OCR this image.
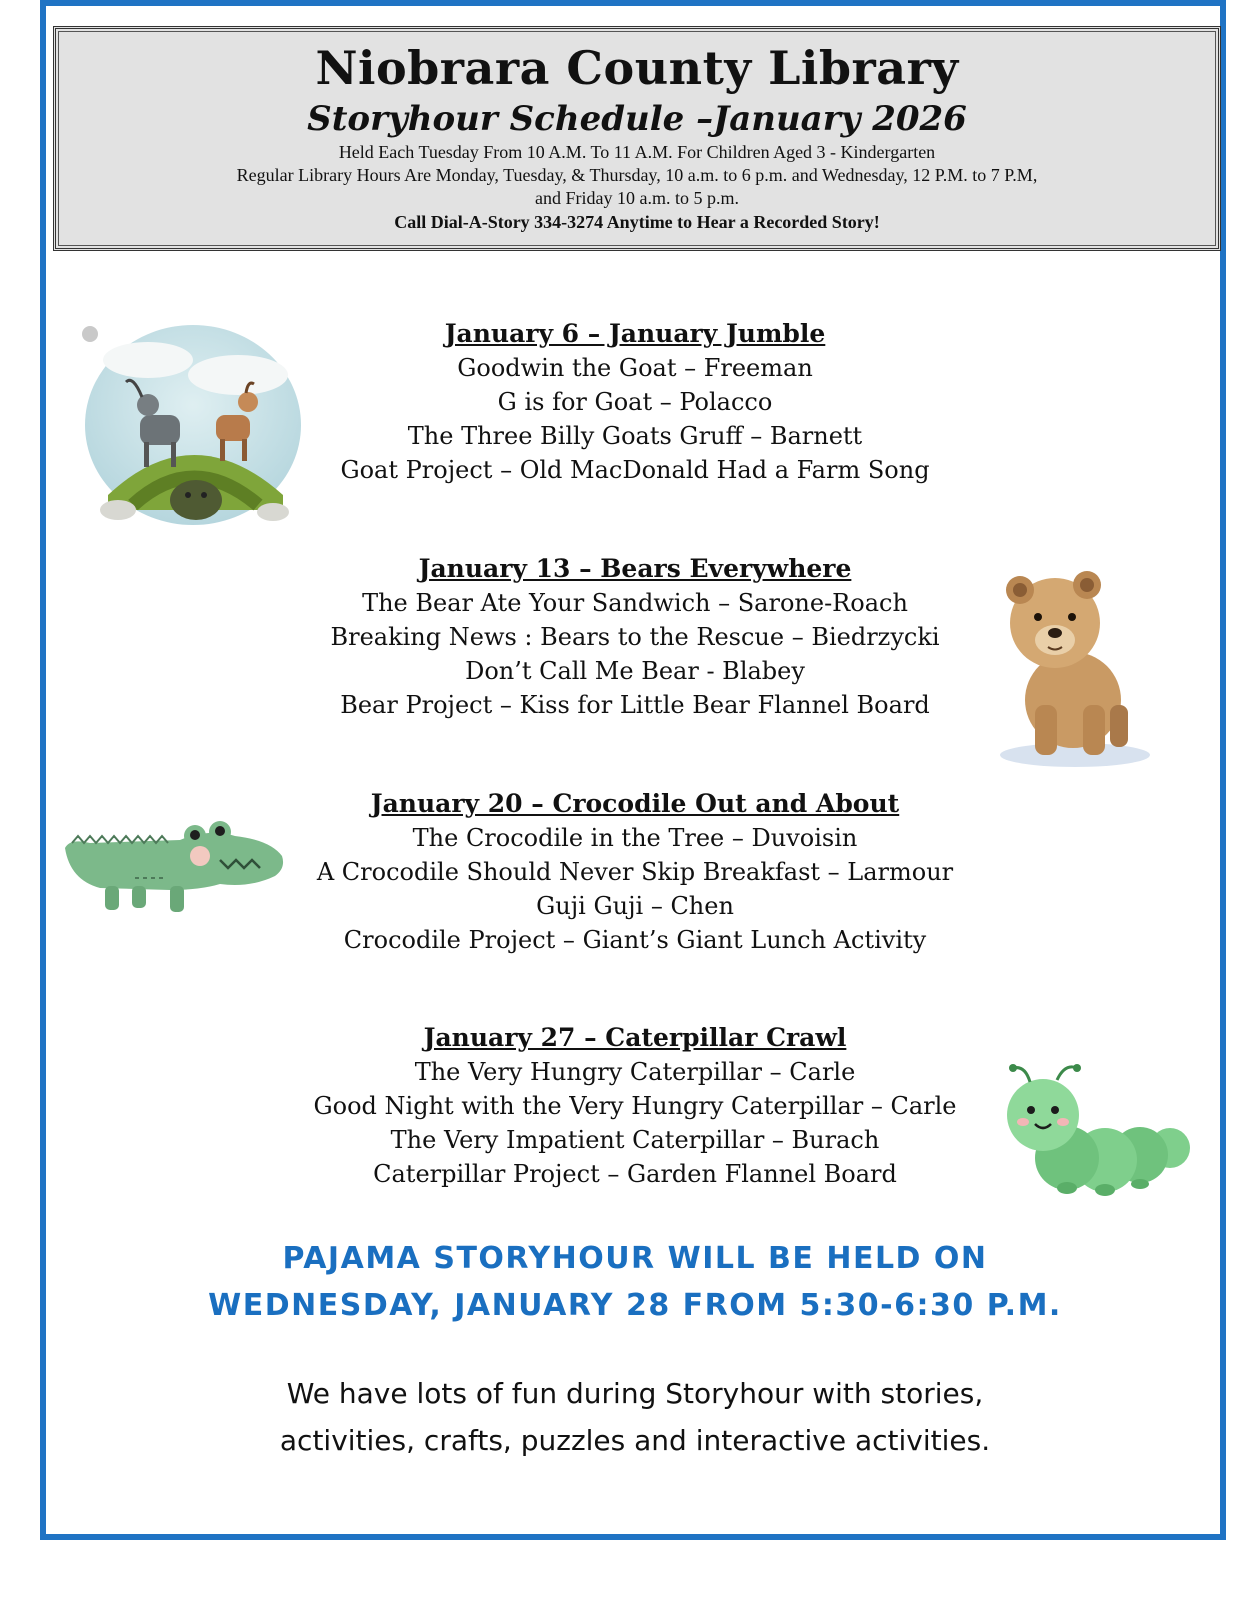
Niobrara County Library
Storyhour Schedule –January 2026
Held Each Tuesday From 10 A.M. To 11 A.M. For Children Aged 3 - Kindergarten
Regular Library Hours Are Monday, Tuesday, & Thursday, 10 a.m. to 6 p.m. and Wednesday, 12 P.M. to 7 P.M,
and Friday 10 a.m. to 5 p.m.
Call Dial-A-Story 334-3274 Anytime to Hear a Recorded Story!
January 6 – January Jumble
Goodwin the Goat – Freeman
G is for Goat – Polacco
The Three Billy Goats Gruff – Barnett
Goat Project – Old MacDonald Had a Farm Song
January 13 – Bears Everywhere
The Bear Ate Your Sandwich – Sarone-Roach
Breaking News : Bears to the Rescue – Biedrzycki
Don’t Call Me Bear - Blabey
Bear Project – Kiss for Little Bear Flannel Board
January 20 – Crocodile Out and About
The Crocodile in the Tree – Duvoisin
A Crocodile Should Never Skip Breakfast – Larmour
Guji Guji – Chen
Crocodile Project – Giant’s Giant Lunch Activity
January 27 – Caterpillar Crawl
The Very Hungry Caterpillar – Carle
Good Night with the Very Hungry Caterpillar – Carle
The Very Impatient Caterpillar – Burach
Caterpillar Project – Garden Flannel Board
PAJAMA STORYHOUR WILL BE HELD ON
WEDNESDAY, JANUARY 28 FROM 5:30-6:30 P.M.
We have lots of fun during Storyhour with stories,
activities, crafts, puzzles and interactive activities.
